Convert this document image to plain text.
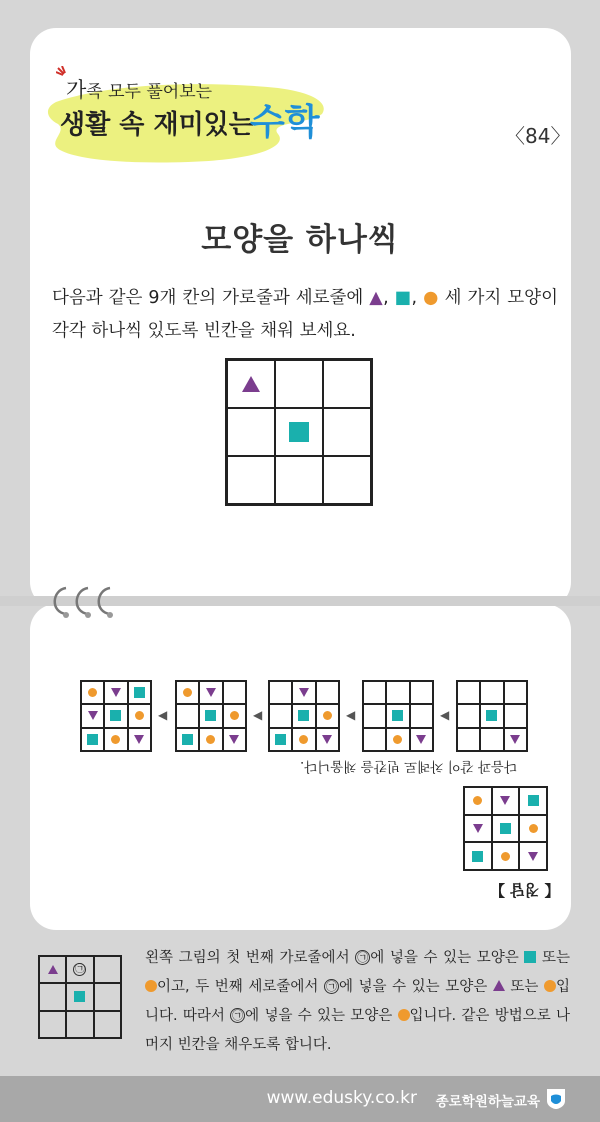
가족 모두 풀어보는
생활 속 재미있는
수학	〈84〉
모양을 하나씩
다음과 같은 9개 칸의 가로줄과 세로줄에 ▲, ■, ● 세 가지 모양이 각각 하나씩 있도록 빈칸을 채워 보세요.
◀	◀	◀	◀
다음과 같이 차례로 빈칸을 채웁니다.
【 정답 】
㉠
왼쪽 그림의 첫 번째 가로줄에서 ㉠ 에 넣을 수 있는 모양은  또는 이고, 두 번째 세로줄에서 ㉠ 에 넣을 수 있는 모양은  또는 입니다. 따라서 ㉠ 에 넣을 수 있는 모양은 입니다. 같은 방법으로 나머지 빈칸을 채우도록 합니다.
www.edusky.co.kr 종로학원하늘교육
